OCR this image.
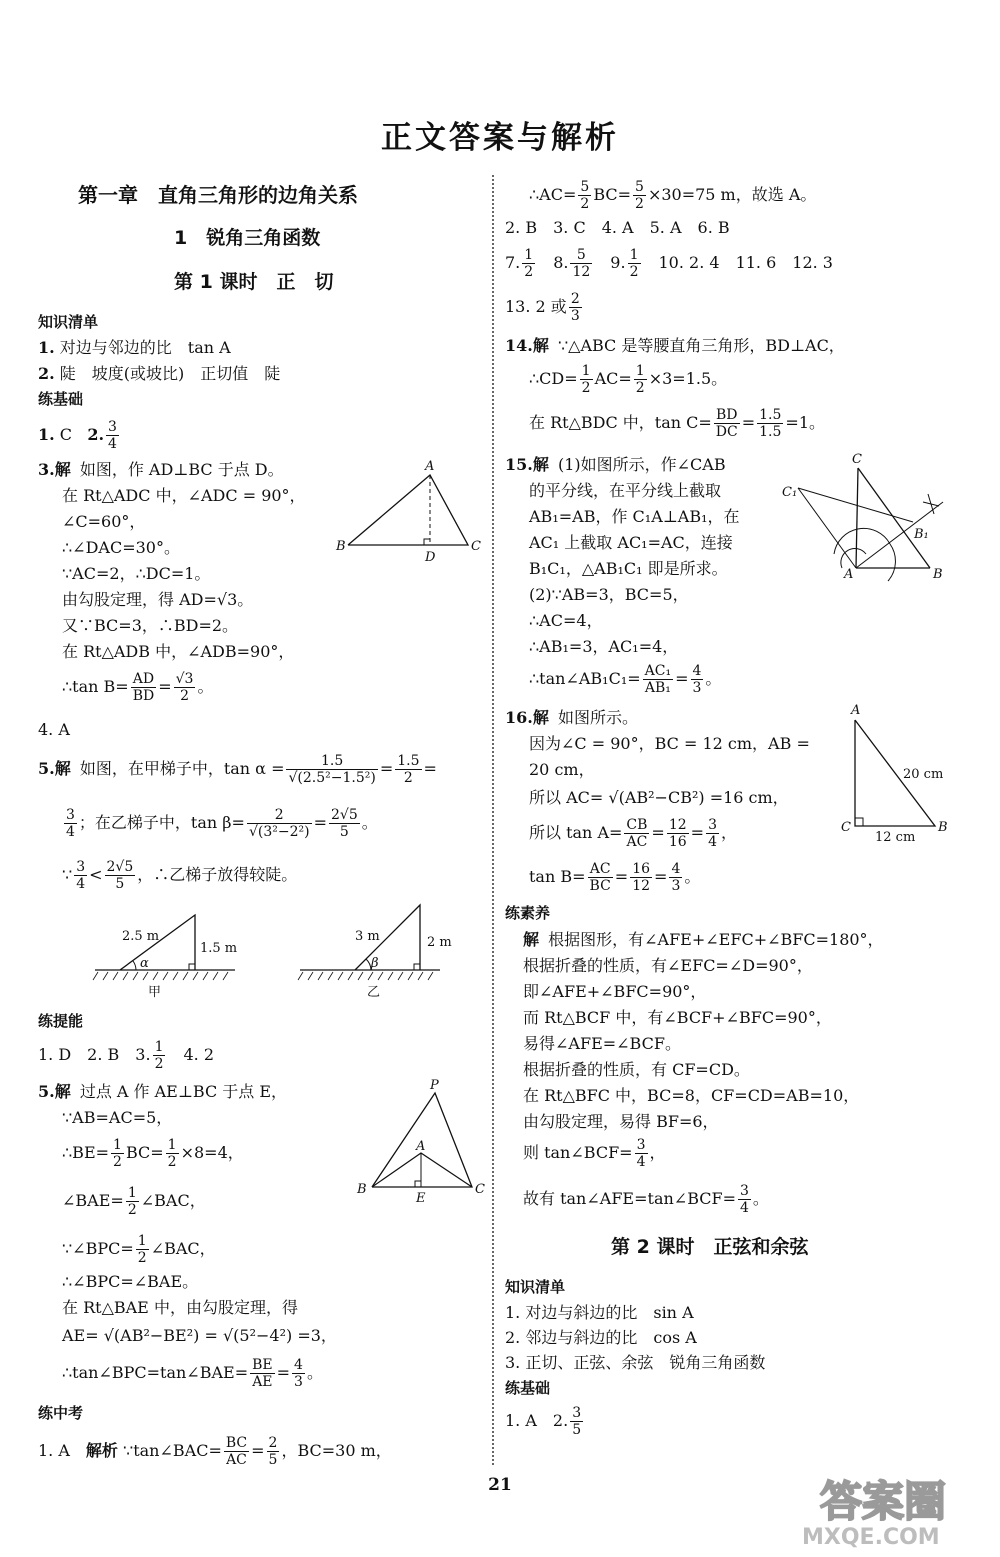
正文答案与解析
第一章　直角三角形的边角关系
1　锐角三角函数
第 1 课时　正　切
知识清单
1. 对边与邻边的比　tan A
2. 陡　坡度(或坡比)　正切值　陡
练基础
1. C 2. $\frac{3}{4}$
3.解 如图，作 AD⊥BC 于点 D。
在 Rt△ADC 中，∠ADC = 90°，
∠C=60°，
∴∠DAC=30°。
∵AC=2，∴DC=1。
由勾股定理，得 AD=√3。
又∵BC=3，∴BD=2。
在 Rt△ADB 中，∠ADB=90°，
∴tan $B= \frac{AD}{BD} = \frac{√3}{2}$ 。
4. A
5.解 如图，在甲梯子中，$\tan \alpha = \frac{1.5}{\text{√(2.5²−1.5²)}} = \frac{1.5}{2}$ =
$\frac{3}{4}$ ；在乙梯子中，$\tan \beta= \frac{2}{\text{√(3²−2²)}} = \frac{2√5}{5}$ 。
∵ $\frac{3}{4} < \frac{2√5}{5}$ ，∴乙梯子放得较陡。
练提能
1. D　2. B　3. $\frac{1}{2}$ 　4. 2
5.解 过点 A 作 AE⊥BC 于点 E，
∵AB=AC=5，
∴BE= $\frac{1}{2} BC= \frac{1}{2} \times 8=4$，
∠BAE= $\frac{1}{2}$ ∠BAC，
∵∠BPC= $\frac{1}{2}$ ∠BAC，
∴∠BPC=∠BAE。
在 Rt△BAE 中，由勾股定理，得
AE= √(AB²−BE²) = √(5²−4²) =3，
∴tan∠BPC=tan∠BAE= $\frac{BE}{AE} = \frac{4}{3}$ 。
练中考
1. A　解析 ∵tan∠BAC= $\frac{BC}{AC} = \frac{2}{5}$ ，BC=30 m，
A
B
D
C
2.5 m
1.5 m
α
甲
3 m	2 m
β
乙
P
A
B
E
C
∴AC= $\frac{5}{2} BC= \frac{5}{2} \times 30=75$ m，故选 A。
2. B　3. C　4. A　5. A　6. B
7. $\frac{1}{2}$ 　8. $\frac{5}{12}$ 　9. $\frac{1}{2}$ 　10. 2. 4　11. 6　12. 3
13. 2 或 $\frac{2}{3}$
14.解 ∵△ABC 是等腰直角三角形，BD⊥AC，
∴CD= $\frac{1}{2} AC= \frac{1}{2} \times 3=1.5$。
在 Rt△BDC 中，$\tan C= \frac{BD}{DC} = \frac{1.5}{1.5} =1$。
15.解 (1)如图所示，作∠CAB
的平分线，在平分线上截取
AB₁=AB，作 C₁A⊥AB₁，在
AC₁ 上截取 AC₁=AC，连接
B₁C₁，△AB₁C₁ 即是所求。
(2)∵AB=3，BC=5，
∴AC=4，
∴AB₁=3，AC₁=4，
∴tan∠AB₁C₁= $\frac{\text{AC₁}}{\text{AB₁}} = \frac{4}{3}$ 。
16.解 如图所示。
因为∠C = 90°，BC = 12 cm，AB =
20 cm，
所以 AC= √(AB²−CB²) =16 cm，
所以 $\tan A= \frac{CB}{AC} = \frac{12}{16} = \frac{3}{4}$ ，
$\tan B= \frac{AC}{BC} = \frac{16}{12} = \frac{4}{3}$ 。
练素养
解 根据图形，有∠AFE+∠EFC+∠BFC=180°，
根据折叠的性质，有∠EFC=∠D=90°，
即∠AFE+∠BFC=90°，
而 Rt△BCF 中，有∠BCF+∠BFC=90°，
易得∠AFE=∠BCF。
根据折叠的性质，有 CF=CD。
在 Rt△BFC 中，BC=8，CF=CD=AB=10，
由勾股定理，易得 BF=6，
则 tan∠BCF= $\frac{3}{4}$ ，
故有 tan∠AFE=tan∠BCF= $\frac{3}{4}$ 。
第 2 课时　正弦和余弦
知识清单
1. 对边与斜边的比　sin A
2. 邻边与斜边的比　cos A
3. 正切、正弦、余弦　锐角三角函数
练基础
1. A　2. $\frac{3}{5}$
C
C₁
B₁
A	B
A
C	B
20 cm
12 cm
21	答案圈
MXQE.COM
